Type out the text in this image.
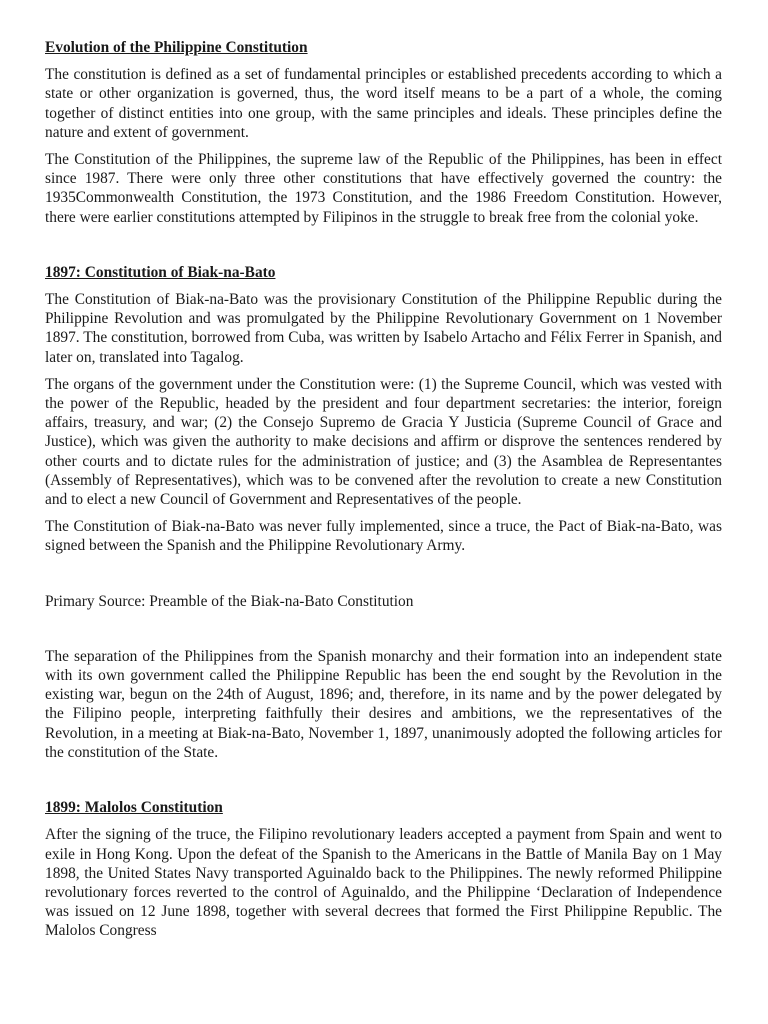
Evolution of the Philippine Constitution

The constitution is defined as a set of fundamental principles or established precedents according to which a state or other organization is governed, thus, the word itself means to be a part of a whole, the coming together of distinct entities into one group, with the same principles and ideals. These principles define the nature and extent of government.

The Constitution of the Philippines, the supreme law of the Republic of the Philippines, has been in effect since 1987. There were only three other constitutions that have effectively governed the country: the 1935Commonwealth Constitution, the 1973 Constitution, and the 1986 Freedom Constitution. However, there were earlier constitutions attempted by Filipinos in the struggle to break free from the colonial yoke.

1897: Constitution of Biak-na-Bato

The Constitution of Biak-na-Bato was the provisionary Constitution of the Philippine Republic during the Philippine Revolution and was promulgated by the Philippine Revolutionary Government on 1 November 1897. The constitution, borrowed from Cuba, was written by Isabelo Artacho and Félix Ferrer in Spanish, and later on, translated into Tagalog.

The organs of the government under the Constitution were: (1) the Supreme Council, which was vested with the power of the Republic, headed by the president and four department secretaries: the interior, foreign affairs, treasury, and war; (2) the Consejo Supremo de Gracia Y Justicia (Supreme Council of Grace and Justice), which was given the authority to make decisions and affirm or disprove the sentences rendered by other courts and to dictate rules for the administration of justice; and (3) the Asamblea de Representantes (Assembly of Representatives), which was to be convened after the revolution to create a new Constitution and to elect a new Council of Government and Representatives of the people.

The Constitution of Biak-na-Bato was never fully implemented, since a truce, the Pact of Biak-na-Bato, was signed between the Spanish and the Philippine Revolutionary Army.

Primary Source: Preamble of the Biak-na-Bato Constitution

The separation of the Philippines from the Spanish monarchy and their formation into an independent state with its own government called the Philippine Republic has been the end sought by the Revolution in the existing war, begun on the 24th of August, 1896; and, therefore, in its name and by the power delegated by the Filipino people, interpreting faithfully their desires and ambitions, we the representatives of the Revolution, in a meeting at Biak-na-Bato, November 1, 1897, unanimously adopted the following articles for the constitution of the State.

1899: Malolos Constitution

After the signing of the truce, the Filipino revolutionary leaders accepted a payment from Spain and went to exile in Hong Kong. Upon the defeat of the Spanish to the Americans in the Battle of Manila Bay on 1 May 1898, the United States Navy transported Aguinaldo back to the Philippines. The newly reformed Philippine revolutionary forces reverted to the control of Aguinaldo, and the Philippine ‘Declaration of Independence was issued on 12 June 1898, together with several decrees that formed the First Philippine Republic. The Malolos Congress
